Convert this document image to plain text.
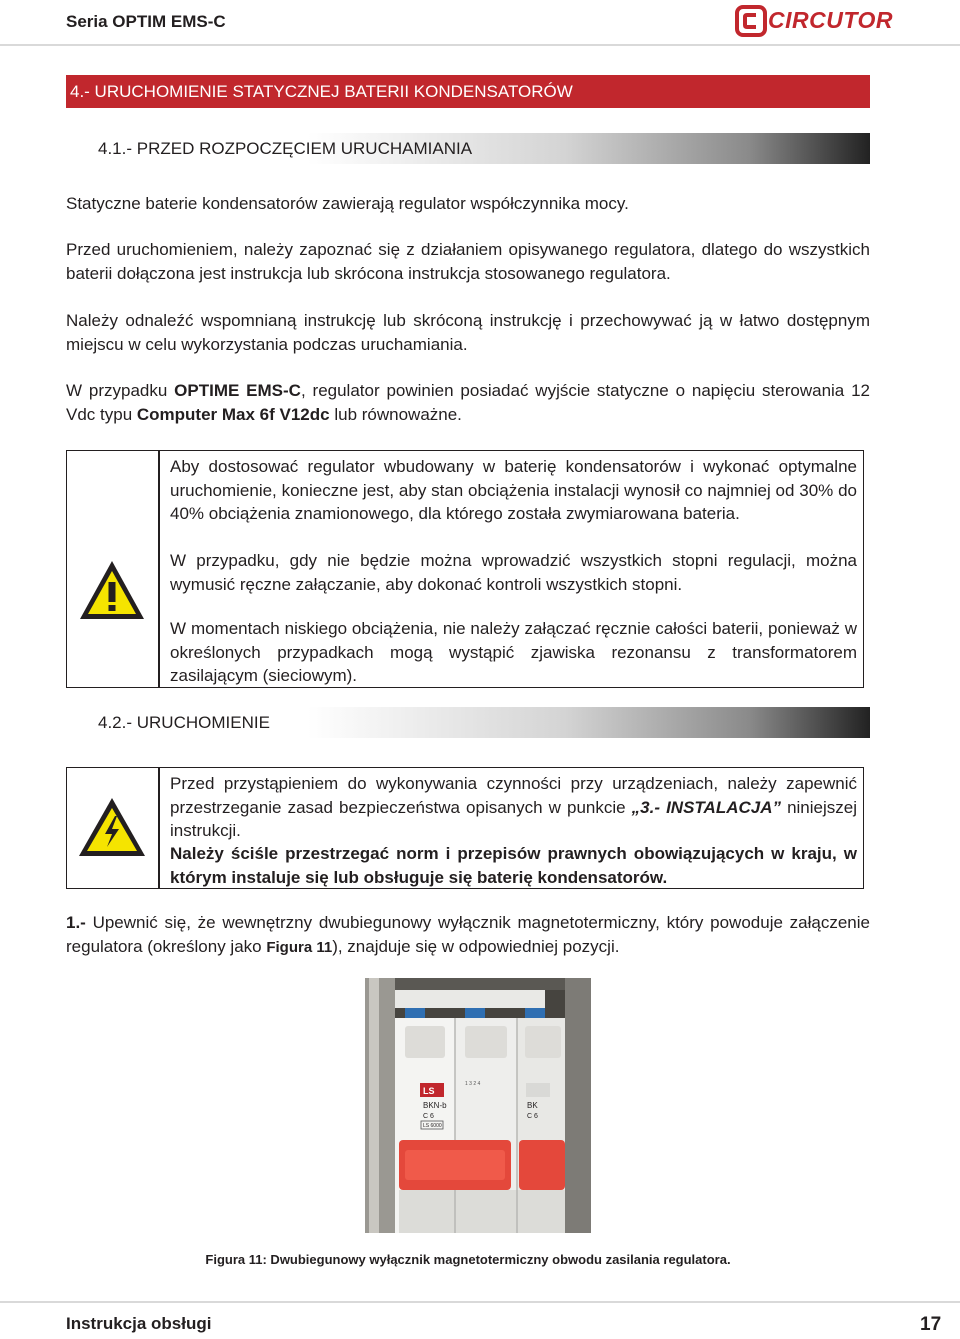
Seria OPTIM EMS-C	CIRCUTOR
4.- URUCHOMIENIE STATYCZNEJ BATERII KONDENSATORÓW
4.1.- PRZED ROZPOCZĘCIEM URUCHAMIANIA
Statyczne baterie kondensatorów zawierają regulator współczynnika mocy.
Przed uruchomieniem, należy zapoznać się z działaniem opisywanego regulatora, dlatego do wszystkich baterii dołączona jest instrukcja lub skrócona instrukcja stosowanego regulatora.
Należy odnaleźć wspomnianą instrukcję lub skróconą instrukcję i przechowywać ją w łatwo dostępnym miejscu w celu wykorzystania podczas uruchamiania.
W przypadku OPTIME EMS-C, regulator powinien posiadać wyjście statyczne o napięciu sterowania 12 Vdc typu Computer Max 6f V12dc lub równoważne.
Aby dostosować regulator wbudowany w baterię kondensatorów i wykonać optymalne uruchomienie, konieczne jest, aby stan obciążenia instalacji wynosił co najmniej od 30% do 40% obciążenia znamionowego, dla którego została zwymiarowana bateria.
W przypadku, gdy nie będzie można wprowadzić wszystkich stopni regulacji, można wymusić ręczne załączanie, aby dokonać kontroli wszystkich stopni.
W momentach niskiego obciążenia, nie należy załączać ręcznie całości baterii, ponieważ w określonych przypadkach mogą wystąpić zjawiska rezonansu z transformatorem zasilającym (sieciowym).
4.2.- URUCHOMIENIE
Przed przystąpieniem do wykonywania czynności przy urządzeniach, należy zapewnić przestrzeganie zasad bezpieczeństwa opisanych w punkcie „3.- INSTALACJA” niniejszej instrukcji.
Należy ściśle przestrzegać norm i przepisów prawnych obowiązujących w kraju, w którym instaluje się lub obsługuje się baterię kondensatorów.
1.- Upewnić się, że wewnętrzny dwubiegunowy wyłącznik magnetotermiczny, który powoduje załączenie regulatora (określony jako Figura 11), znajduje się w odpowiedniej pozycji.
LS
BKN-b
C 6
LS 6000
1 3 2 4
BK
C 6
Figura 11: Dwubiegunowy wyłącznik magnetotermiczny obwodu zasilania regulatora.
Instrukcja obsługi	17
